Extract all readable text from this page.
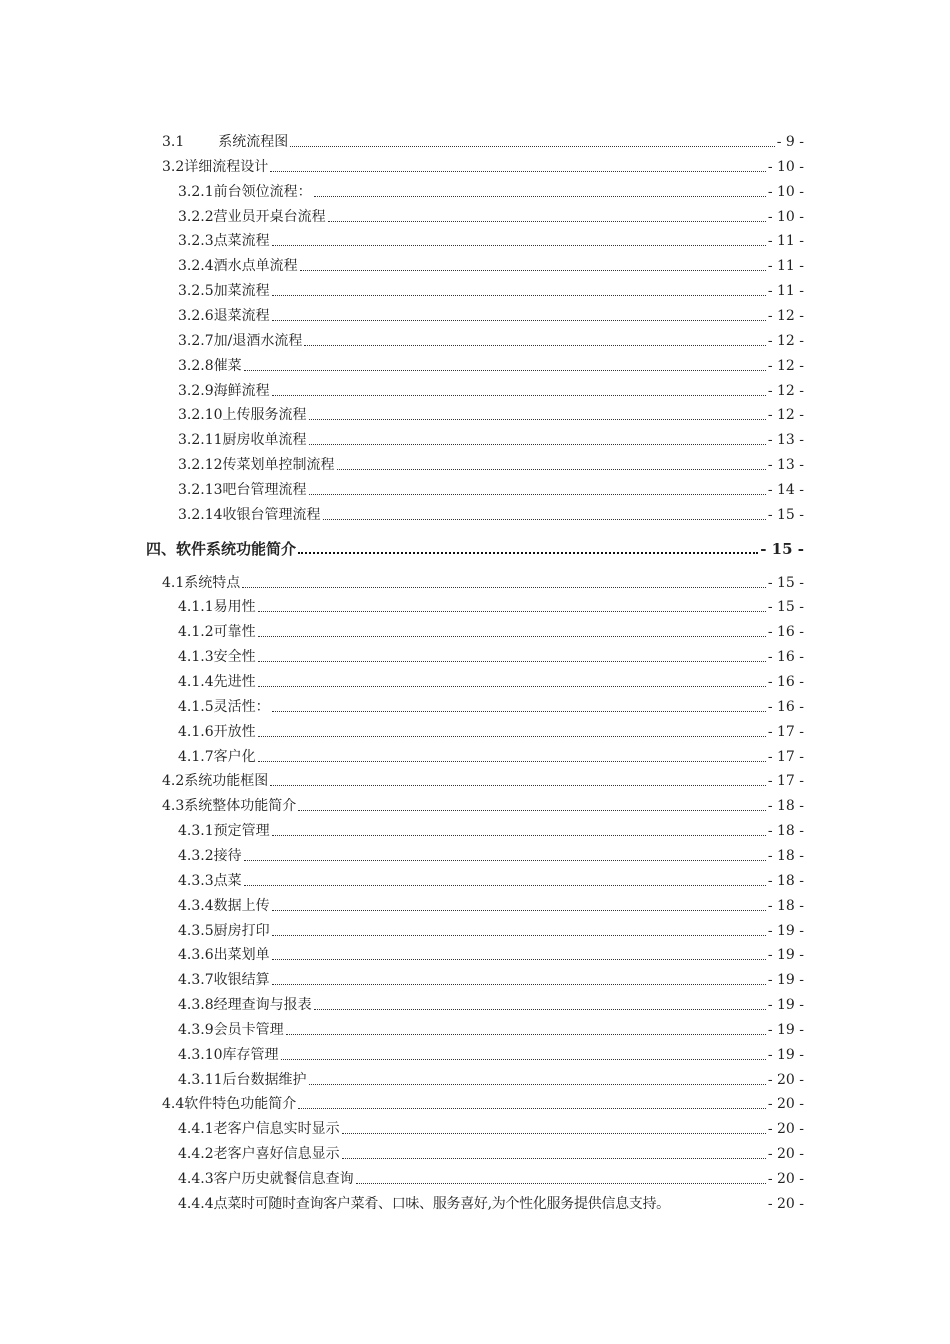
3.1 系统流程图	- 9 -
3.2 详细流程设计	- 10 -
3.2.1 前台领位流程：	- 10 -
3.2.2 营业员开桌台流程	- 10 -
3.2.3 点菜流程	- 11 -
3.2.4 酒水点单流程	- 11 -
3.2.5 加菜流程	- 11 -
3.2.6 退菜流程	- 12 -
3.2.7 加/退酒水流程	- 12 -
3.2.8 催菜	- 12 -
3.2.9 海鲜流程	- 12 -
3.2.10 上传服务流程	- 12 -
3.2.11 厨房收单流程	- 13 -
3.2.12 传菜划单控制流程	- 13 -
3.2.13 吧台管理流程	- 14 -
3.2.14 收银台管理流程	- 15 -
四、软件系统功能简介	- 15 -
4.1 系统特点	- 15 -
4.1.1 易用性	- 15 -
4.1.2 可靠性	- 16 -
4.1.3 安全性	- 16 -
4.1.4 先进性	- 16 -
4.1.5 灵活性：	- 16 -
4.1.6 开放性	- 17 -
4.1.7 客户化	- 17 -
4.2 系统功能框图	- 17 -
4.3 系统整体功能简介	- 18 -
4.3.1 预定管理	- 18 -
4.3.2 接待	- 18 -
4.3.3 点菜	- 18 -
4.3.4 数据上传	- 18 -
4.3.5 厨房打印	- 19 -
4.3.6 出菜划单	- 19 -
4.3.7 收银结算	- 19 -
4.3.8 经理查询与报表	- 19 -
4.3.9 会员卡管理	- 19 -
4.3.10 库存管理	- 19 -
4.3.11 后台数据维护	- 20 -
4.4 软件特色功能简介	- 20 -
4.4.1 老客户信息实时显示	- 20 -
4.4.2 老客户喜好信息显示	- 20 -
4.4.3 客户历史就餐信息查询	- 20 -
4.4.4 点菜时可随时查询客户菜肴、口味、服务喜好,为个性化服务提供信息支持。	- 20 -
